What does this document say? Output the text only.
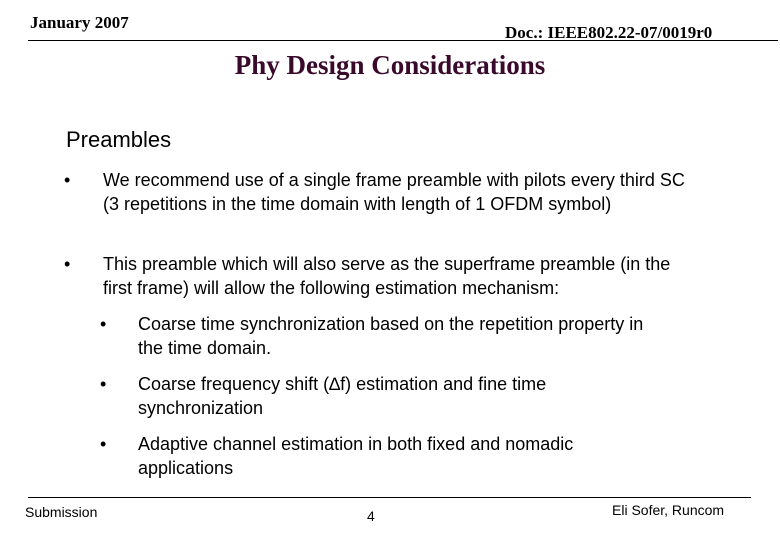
January 2007
Doc.: IEEE802.22-07/0019r0
Phy Design Considerations
Preambles
• We recommend use of a single frame preamble with pilots every third SC (3 repetitions in the time domain with length of 1 OFDM symbol)
• This preamble which will also serve as the superframe preamble (in the first frame) will allow the following estimation mechanism:
• Coarse time synchronization based on the repetition property in the time domain.
• Coarse frequency shift (∆f) estimation and fine time synchronization
• Adaptive channel estimation in both fixed and nomadic applications
Submission	4	Eli Sofer, Runcom
